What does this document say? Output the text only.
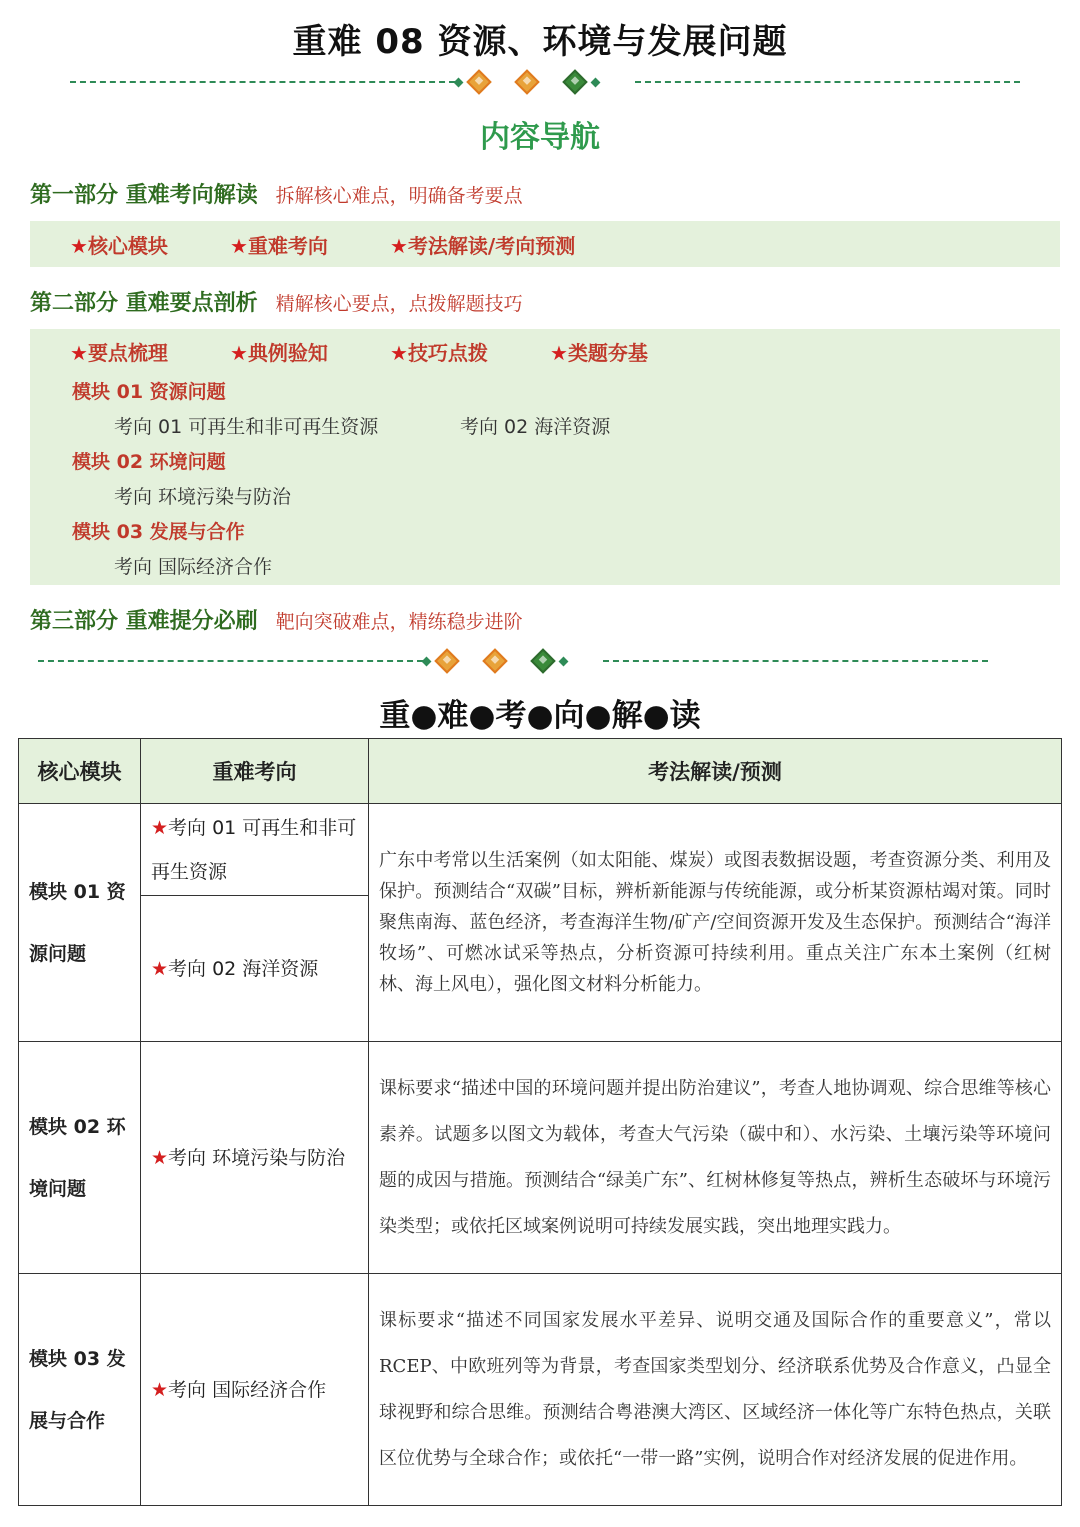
重难 08 资源、环境与发展问题
内容导航
第一部分 重难考向解读 拆解核心难点，明确备考要点
★核心模块	★重难考向	★考法解读/考向预测
第二部分 重难要点剖析 精解核心要点，点拨解题技巧
★要点梳理	★典例验知	★技巧点拨	★类题夯基
模块 01 资源问题
考向 01 可再生和非可再生资源	考向 02 海洋资源
模块 02 环境问题
考向 环境污染与防治
模块 03 发展与合作
考向 国际经济合作
第三部分 重难提分必刷 靶向突破难点，精练稳步进阶
重●难●考●向●解●读
核心模块	重难考向	考法解读/预测
模块 01 资源问题	★考向 01 可再生和非可再生资源	广东中考常以生活案例（如太阳能、煤炭）或图表数据设题，考查资源分类、利用及保护。预测结合“双碳”目标，辨析新能源与传统能源，或分析某资源枯竭对策。同时聚焦南海、蓝色经济，考查海洋生物/矿产/空间资源开发及生态保护。预测结合“海洋牧场”、可燃冰试采等热点，分析资源可持续利用。重点关注广东本土案例（红树林、海上风电），强化图文材料分析能力。
	★考向 02 海洋资源	
模块 02 环境问题	★考向 环境污染与防治	课标要求“描述中国的环境问题并提出防治建议”，考查人地协调观、综合思维等核心素养。试题多以图文为载体，考查大气污染（碳中和）、水污染、土壤污染等环境问题的成因与措施。预测结合“绿美广东”、红树林修复等热点，辨析生态破坏与环境污染类型；或依托区域案例说明可持续发展实践，突出地理实践力。
模块 03 发展与合作	★考向 国际经济合作	课标要求“描述不同国家发展水平差异、说明交通及国际合作的重要意义”，常以 RCEP、中欧班列等为背景，考查国家类型划分、经济联系优势及合作意义，凸显全球视野和综合思维。预测结合粤港澳大湾区、区域经济一体化等广东特色热点，关联区位优势与全球合作；或依托“一带一路”实例，说明合作对经济发展的促进作用。
